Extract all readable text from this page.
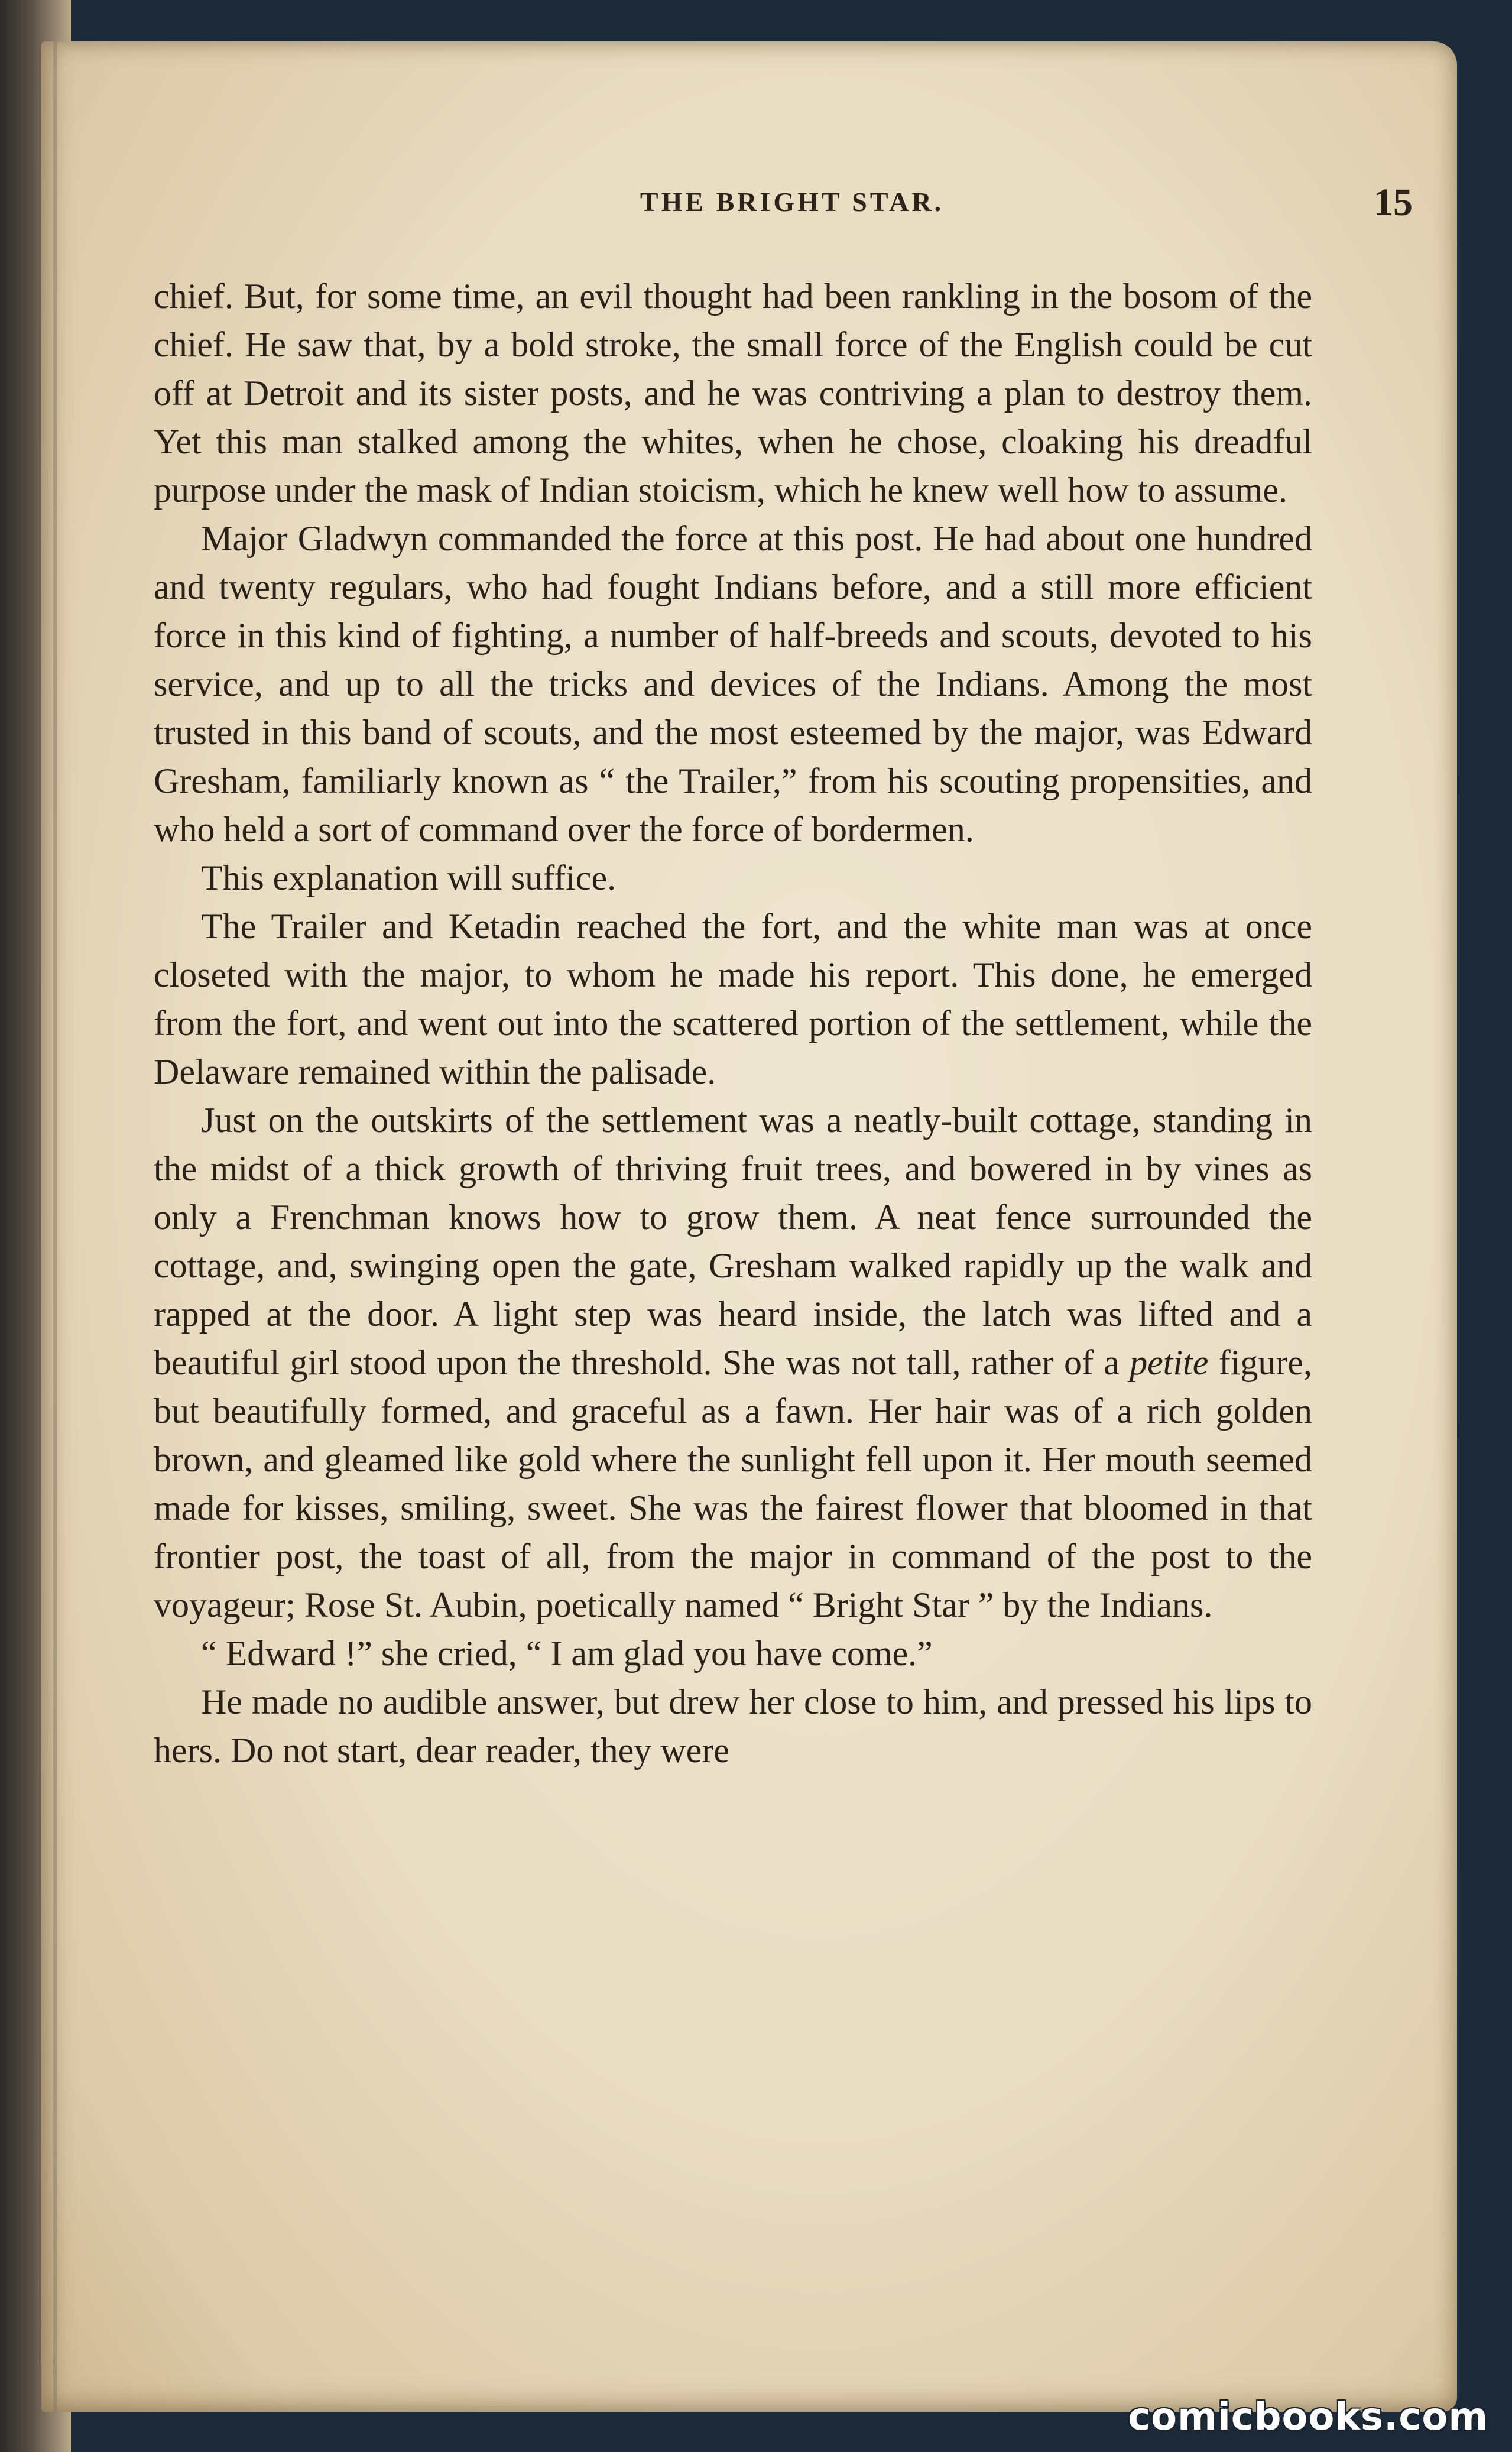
THE BRIGHT STAR.	15

chief. But, for some time, an evil thought had been rankling in the bosom of the chief. He saw that, by a bold stroke, the small force of the English could be cut off at Detroit and its sister posts, and he was contriving a plan to destroy them. Yet this man stalked among the whites, when he chose, cloaking his dreadful purpose under the mask of Indian stoicism, which he knew well how to assume.

Major Gladwyn commanded the force at this post. He had about one hundred and twenty regulars, who had fought Indians before, and a still more efficient force in this kind of fighting, a number of half-breeds and scouts, devoted to his service, and up to all the tricks and devices of the Indians. Among the most trusted in this band of scouts, and the most esteemed by the major, was Edward Gresham, familiarly known as “ the Trailer,” from his scouting propensities, and who held a sort of command over the force of bordermen.

This explanation will suffice.

The Trailer and Ketadin reached the fort, and the white man was at once closeted with the major, to whom he made his report. This done, he emerged from the fort, and went out into the scattered portion of the settlement, while the Delaware remained within the palisade.

Just on the outskirts of the settlement was a neatly-built cottage, standing in the midst of a thick growth of thriving fruit trees, and bowered in by vines as only a Frenchman knows how to grow them. A neat fence surrounded the cottage, and, swinging open the gate, Gresham walked rapidly up the walk and rapped at the door. A light step was heard inside, the latch was lifted and a beautiful girl stood upon the threshold. She was not tall, rather of a petite figure, but beautifully formed, and graceful as a fawn. Her hair was of a rich golden brown, and gleamed like gold where the sunlight fell upon it. Her mouth seemed made for kisses, smiling, sweet. She was the fairest flower that bloomed in that frontier post, the toast of all, from the major in command of the post to the voyageur; Rose St. Aubin, poetically named “ Bright Star ” by the Indians.

“ Edward !” she cried, “ I am glad you have come.”

He made no audible answer, but drew her close to him, and pressed his lips to hers. Do not start, dear reader, they were

comicbooks.com
